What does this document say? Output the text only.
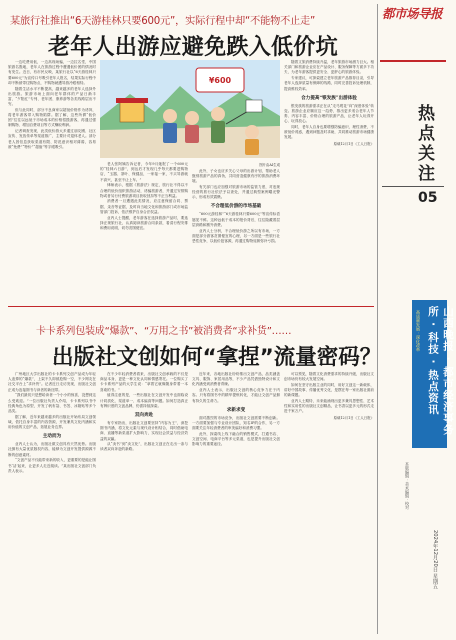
都市场导报
热点关注
05
山西晚报 · 都市经济事务所 · 科技 · 热点资讯
高质量发展 · 深化改革
本版编辑 · 美术编辑 · 校对
2024年12月20日 星期五
某旅行社推出“6天游桂林只要600元”，实际行程中却“不能物不止走”
老年人出游应避免跌入低价坑

一边吃费用低，一边高现场骗，一边拉名堂，中国旅游名胜地，老年人在旅游过程中遭遇低价团的情况时有发生。近日，有市民反映，某旅行社以“6天游桂林只要600元”为宣传口号吸引老年人报名，结果实际行程中却不断被带往购物点，不购物就遭导游冷眼相待。

随着生活水平不断提高，越来越多的老年人选择外出旅游。旅游市场上面向老年群体的产品日渐丰富，“夕阳红”专列、老年团、康养游等各类线路层出不穷。

但与此同时，部分不良商家以超低价格作为诱饵，将老年游客带入购物陷阱。据了解，这些所谓“低价团”往往以远低于市场成本的价格招揽游客，再通过强制购物、增加自费项目等方式赚取利润。

记者调查发现，此类低价游大多通过朋友圈、社区宣传、发放传单等渠道推广，主要针对退休老人。部分老人因信息获取渠道有限、防范意识相对薄弱，容易被“免费”“特价”“超值”等字眼吸引。

¥600

老人张阿姨告诉记者，今年9月她报了一个600元的“桂林六日游”，到达后才发现几乎每天都要进购物店，“玉器、茶叶、保健品，一家接一家，不买导游就不高兴，甚至不让上车。”

律师表示，根据《旅游法》规定，旅行社不得以不合理的低价组织旅游活动，诱骗旅游者，并通过安排购物或者另行付费旅游项目获取回扣等不正当利益。

消费者一旦遭遇此类情况，应注意保留合同、票据、录音等证据，及时向当地文化和旅游部门或市场监管部门投诉，依法维护自身合法权益。

业内人士提醒，老年游客在选择旅游产品时，要选择正规旅行社，认真阅读旅游合同条款，看清行程安排和费用说明，切勿贪图便宜。

图片由AI生成

此外，子女也应多关心父母的出游计划，帮助老人甄别旅游产品的真伪，共同营造健康有序的旅游消费环境。

有关部门也应加强对旅游市场的监管力度，对违规经营的旅行社依法予以查处，并通过典型案例曝光警示，形成有效震慑。

不合理低价游的市场基础

“600元游桂林”“6天游桂林只要600元”等宣传标语屡见不鲜。这种远低于成本的报价背后，往往隐藏着层层套路和额外消费。

业内人士分析，不合理低价游之所以有市场，一方面是部分游客贪图便宜的心理，另一方面是一些旅行社恶性竞争，以低价抢客源，再通过购物返佣弥补亏损。

随着文旅消费持续升温，老年旅游市场潜力巨大。相关部门和旅游企业应在产品设计、服务保障等方面多下功夫，为老年游客提供更安全、更舒心的旅游体验。

专家建议，可探索建立老年旅游产品推荐目录，引导老年人选择质量有保障的线路，同时完善投诉处理机制，提高维权效率。

合力提高“银发族”出游体验

银发族的旅游需求正在从“走马观花”向“深度体验”转变。旅游企业应顺应这一趋势，推出更多适合老年人节奏、内容丰富、价格合理的旅游产品，让老年人玩得开心、玩得放心。

同时，老年人自身也要增强防骗意识，理性消费，不被低价诱惑，遇到问题及时求助，共同推动旅游市场健康发展。

原载12月1日《工人日报》

卡卡系列包装成“爆款”、“万用之书”被消费者“求补货”……
出版社文创如何“拿捏”流量密码？

广州地区大学出版社的卡卡系列文创产品成为年轻人追捧的“爆款”，上架不久即被抢购一空，不少网友在社交平台上“求补货”。记者近日走访发现，出版社文创正成为连接图书与读者的新纽带。

“我们最初只是想给读者一个小小的惊喜，没想到这么受欢迎。”一位出版社负责人介绍，卡卡系列以书中经典角色为原型，开发了帆布袋、书签、冰箱贴等多个品类。

据了解，近年来越来越多的出版社开始布局文创领域，依托自身丰富的内容资源，开发兼具文化内涵和实用价值的文创产品，拓展业务边界。

主动而为

业内人士认为，出版社做文创具有天然优势。出版社拥有大量优质版权内容，能够为文创开发提供源源不断的创意素材。

“文创产品不仅能带来新的收入，更重要的是能让图书‘活’起来，让更多人走近阅读。”某出版社文创部门负责人表示。

在不少年轻消费者看来，出版社文创承载的不仅是商品本身，更是一种文化认同和情感寄托。一位购买了卡卡系列产品的大学生说：“拿着它就像随身带着一本喜欢的书。”

值得注意的是，一些出版社在文创开发中也面临设计同质化、渠道单一、成本偏高等问题。如何打造真正有辨识度的文创品牌，仍需持续探索。

双向奔赴

有专家指出，出版社文创要坚持“内容为王”，深挖图书内涵，将文化元素与现代设计相结合，同时借助电商、直播等新渠道扩大影响力，实现社会效益与经济效益的双赢。

从“卖书”到“卖文化”，出版社文创正在走出一条与读者双向奔赴的新路。

近年来，各地出版社纷纷推出文创产品，品类涵盖文具、服饰、家居用品等，不少产品凭借独特设计和文化内涵受到消费者青睐。

业内人士表示，出版社文创的核心竞争力在于内容。只有将图书中的精华提炼转化，才能让文创产品拥有持久的生命力。

求新求变

面对激烈的市场竞争，出版社文创需要不断创新。一方面要加强与专业设计团队、知名IP的合作，另一方面要关注年轻消费者的审美偏好和消费习惯。

此外，探索线上线下融合的销售模式，打通书店、文创空间、电商平台等多元渠道，也是提升出版社文创影响力的重要途径。

可以预见，随着文化消费需求的持续升级，出版社文创市场仍有较大发展空间。

如何在坚守出版主业的同时，用好文创这一新载体，讲好中国故事、传播优秀文化，是摆在每一家出版社面前的新课题。

业内人士期待，未来能涌现出更多兼具思想性、艺术性和实用性的出版社文创精品，让书香以更多元的形式走进千家万户。

原载12月1日《工人日报》
